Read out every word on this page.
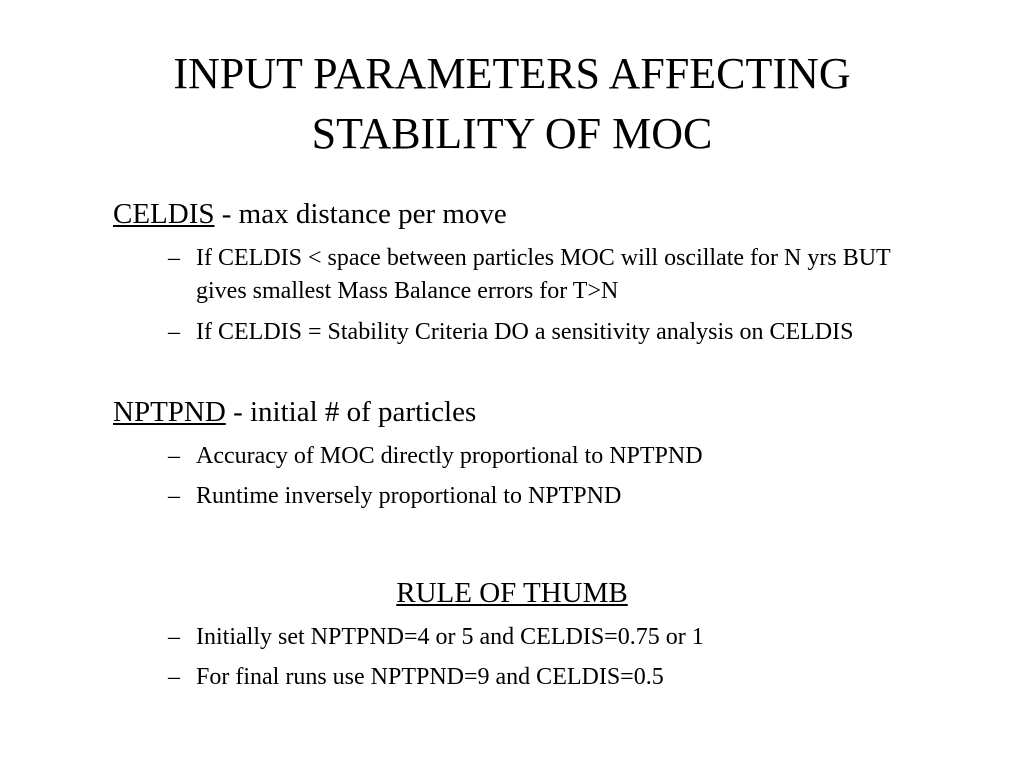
INPUT PARAMETERS AFFECTING
STABILITY OF MOC
CELDIS - max distance per move
– If CELDIS < space between particles MOC will oscillate for N yrs BUT gives smallest Mass Balance errors for T>N
– If CELDIS = Stability Criteria DO a sensitivity analysis on CELDIS
NPTPND - initial # of particles
– Accuracy of MOC directly proportional to NPTPND
– Runtime inversely proportional to NPTPND
RULE OF THUMB
– Initially set NPTPND=4 or 5 and CELDIS=0.75 or 1
– For final runs use NPTPND=9 and CELDIS=0.5
